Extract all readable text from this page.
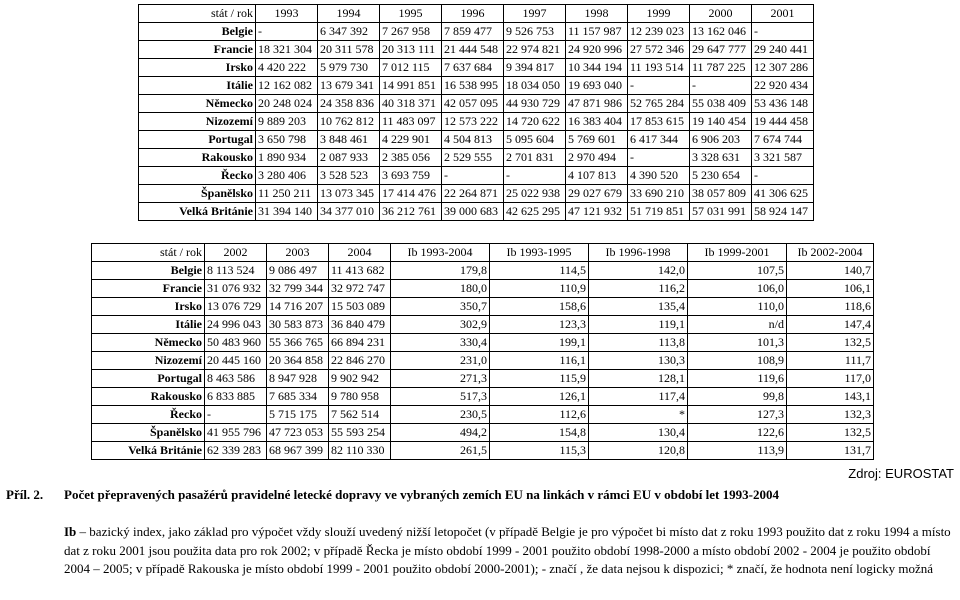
stát / rok	1993	1994	1995	1996	1997	1998	1999	2000	2001
Belgie	-	6 347 392	7 267 958	7 859 477	9 526 753	11 157 987	12 239 023	13 162 046	-
Francie	18 321 304	20 311 578	20 313 111	21 444 548	22 974 821	24 920 996	27 572 346	29 647 777	29 240 441
Irsko	4 420 222	5 979 730	7 012 115	7 637 684	9 394 817	10 344 194	11 193 514	11 787 225	12 307 286
Itálie	12 162 082	13 679 341	14 991 851	16 538 995	18 034 050	19 693 040	-	-	22 920 434
Německo	20 248 024	24 358 836	40 318 371	42 057 095	44 930 729	47 871 986	52 765 284	55 038 409	53 436 148
Nizozemí	9 889 203	10 762 812	11 483 097	12 573 222	14 720 622	16 383 404	17 853 615	19 140 454	19 444 458
Portugal	3 650 798	3 848 461	4 229 901	4 504 813	5 095 604	5 769 601	6 417 344	6 906 203	7 674 744
Rakousko	1 890 934	2 087 933	2 385 056	2 529 555	2 701 831	2 970 494	-	3 328 631	3 321 587
Řecko	3 280 406	3 528 523	3 693 759	-	-	4 107 813	4 390 520	5 230 654	-
Španělsko	11 250 211	13 073 345	17 414 476	22 264 871	25 022 938	29 027 679	33 690 210	38 057 809	41 306 625
Velká Británie	31 394 140	34 377 010	36 212 761	39 000 683	42 625 295	47 121 932	51 719 851	57 031 991	58 924 147
stát / rok	2002	2003	2004	Ib 1993-2004	Ib 1993-1995	Ib 1996-1998	Ib 1999-2001	Ib 2002-2004
Belgie	8 113 524	9 086 497	11 413 682	179,8	114,5	142,0	107,5	140,7
Francie	31 076 932	32 799 344	32 972 747	180,0	110,9	116,2	106,0	106,1
Irsko	13 076 729	14 716 207	15 503 089	350,7	158,6	135,4	110,0	118,6
Itálie	24 996 043	30 583 873	36 840 479	302,9	123,3	119,1	n/d	147,4
Německo	50 483 960	55 366 765	66 894 231	330,4	199,1	113,8	101,3	132,5
Nizozemí	20 445 160	20 364 858	22 846 270	231,0	116,1	130,3	108,9	111,7
Portugal	8 463 586	8 947 928	9 902 942	271,3	115,9	128,1	119,6	117,0
Rakousko	6 833 885	7 685 334	9 780 958	517,3	126,1	117,4	99,8	143,1
Řecko	-	5 715 175	7 562 514	230,5	112,6	*	127,3	132,3
Španělsko	41 955 796	47 723 053	55 593 254	494,2	154,8	130,4	122,6	132,5
Velká Británie	62 339 283	68 967 399	82 110 330	261,5	115,3	120,8	113,9	131,7
Zdroj: EUROSTAT
Příl. 2. Počet přepravených pasažérů pravidelné letecké dopravy ve vybraných zemích EU na linkách v rámci EU v období let 1993-2004
Ib – bazický index, jako základ pro výpočet vždy slouží uvedený nižší letopočet (v případě Belgie je pro výpočet bi místo dat z roku 1993 použito dat z roku 1994 a místo dat z roku 2001 jsou použita data pro rok 2002; v případě Řecka je místo období 1999 - 2001 použito období 1998-2000 a místo období 2002 - 2004 je použito období 2004 – 2005; v případě Rakouska je místo období 1999 - 2001 použito období 2000-2001); - značí , že data nejsou k dispozici; * značí, že hodnota není logicky možná
